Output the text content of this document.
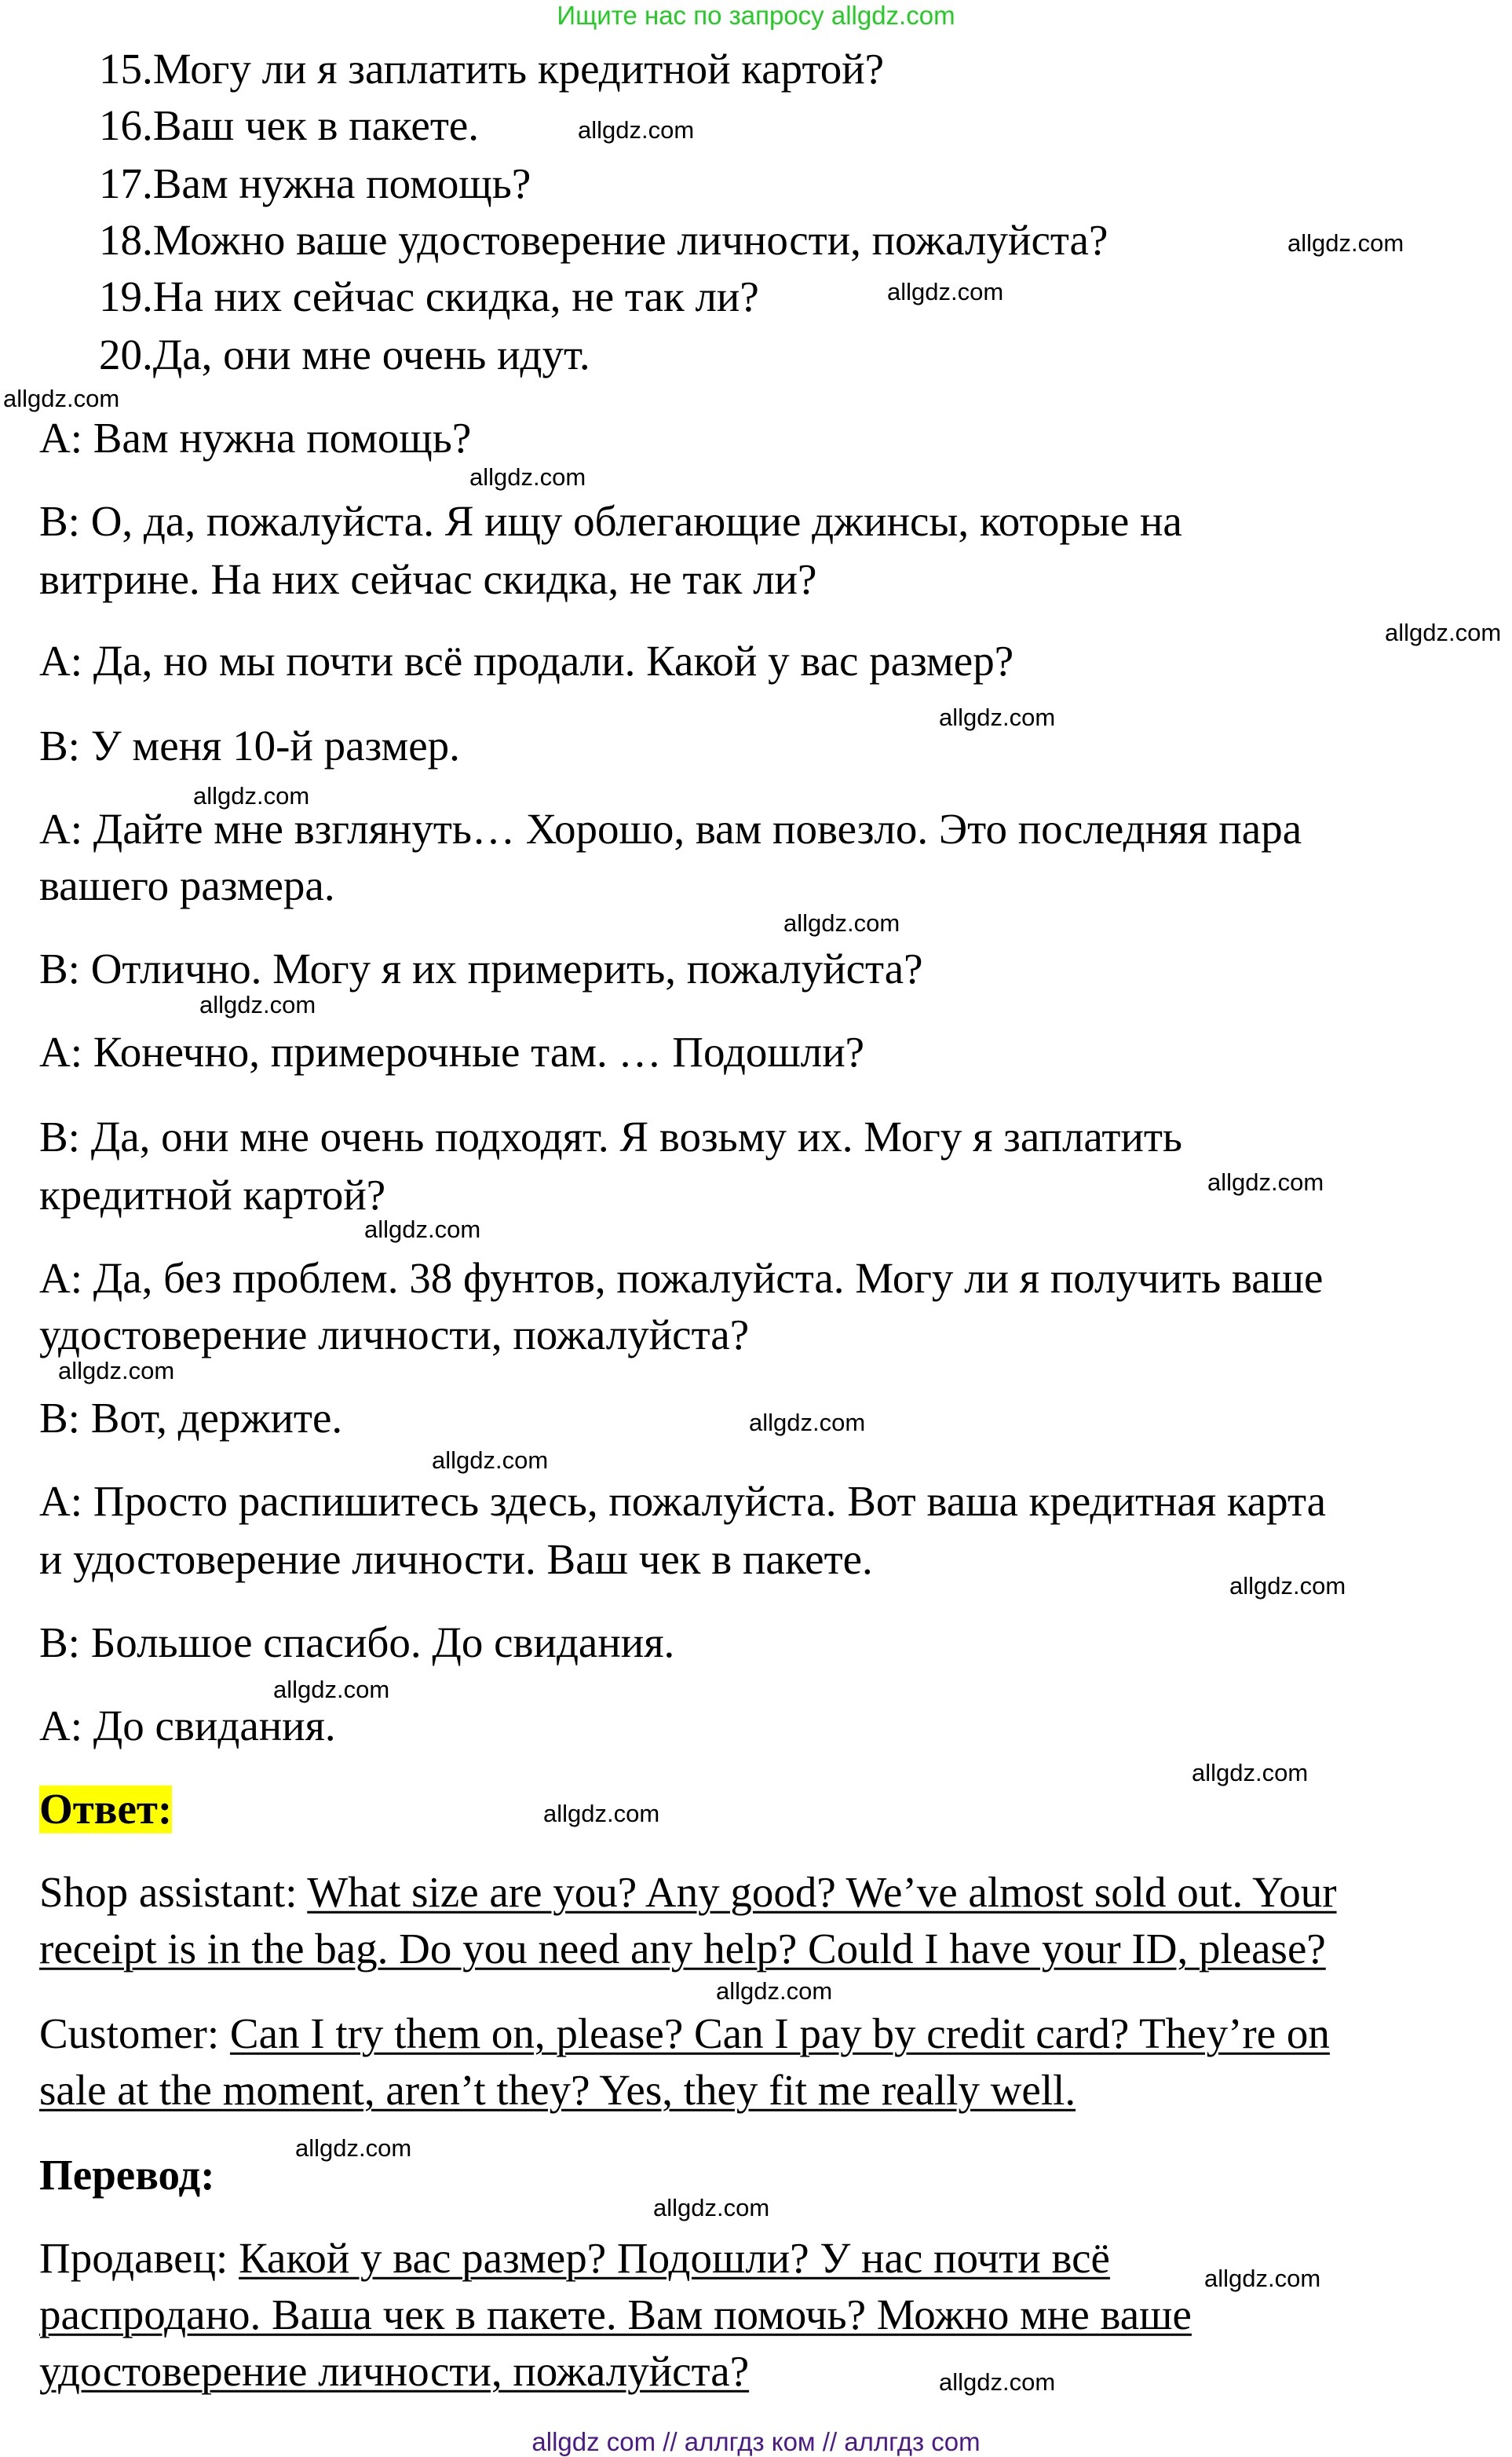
Ищите нас по запросу allgdz.com
15.Могу ли я заплатить кредитной картой?
16.Ваш чек в пакете.
17.Вам нужна помощь?
18.Можно ваше удостоверение личности, пожалуйста?
19.На них сейчас скидка, не так ли?
20.Да, они мне очень идут.
А: Вам нужна помощь?
В: О, да, пожалуйста. Я ищу облегающие джинсы, которые на
витрине. На них сейчас скидка, не так ли?
А: Да, но мы почти всё продали. Какой у вас размер?
В: У меня 10-й размер.
А: Дайте мне взглянуть… Хорошо, вам повезло. Это последняя пара
вашего размера.
В: Отлично. Могу я их примерить, пожалуйста?
А: Конечно, примерочные там. … Подошли?
В: Да, они мне очень подходят. Я возьму их. Могу я заплатить
кредитной картой?
А: Да, без проблем. 38 фунтов, пожалуйста. Могу ли я получить ваше
удостоверение личности, пожалуйста?
В: Вот, держите.
А: Просто распишитесь здесь, пожалуйста. Вот ваша кредитная карта
и удостоверение личности. Ваш чек в пакете.
В: Большое спасибо. До свидания.
А: До свидания.
Ответ:
Shop assistant: What size are you? Any good? We’ve almost sold out. Your
receipt is in the bag. Do you need any help? Could I have your ID, please?
Customer: Can I try them on, please? Can I pay by credit card? They’re on
sale at the moment, aren’t they? Yes, they fit me really well.
Перевод:
Продавец: Какой у вас размер? Подошли? У нас почти всё
распродано. Ваша чек в пакете. Вам помочь? Можно мне ваше
удостоверение личности, пожалуйста?
allgdz.com
allgdz.com
allgdz.com
allgdz.com
allgdz.com
allgdz.com
allgdz.com
allgdz.com
allgdz.com
allgdz.com
allgdz.com
allgdz.com
allgdz.com
allgdz.com
allgdz.com
allgdz.com
allgdz.com
allgdz.com
allgdz.com
allgdz.com
allgdz.com
allgdz.com
allgdz.com
allgdz.com
allgdz com // аллгдз ком // аллгдз com
